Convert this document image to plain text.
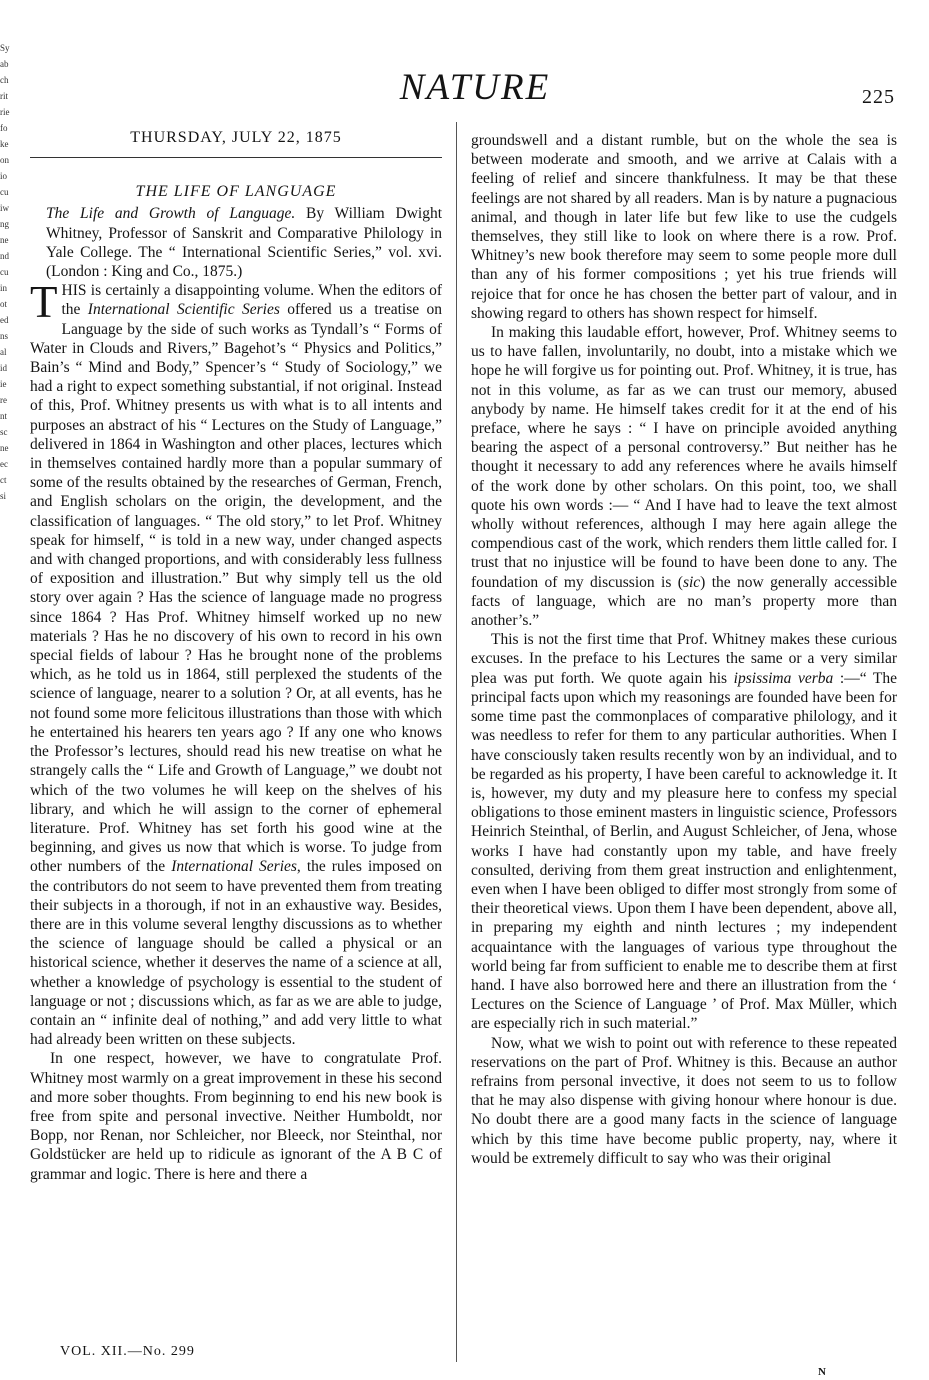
Sy
ab
ch
rit
rie
fo
ke
on
io
cu
iw
ng
ne
nd
cu
in
ot
ed
ns
al
id
ie
re
nt
sc
ne
ec
ct
si
NATURE	225
THURSDAY, JULY 22, 1875
THE LIFE OF LANGUAGE

The Life and Growth of Language. By William Dwight Whitney, Professor of Sanskrit and Comparative Philology in Yale College. The “ International Scientific Series,” vol. xvi. (London : King and Co., 1875.)

THIS is certainly a disappointing volume. When the editors of the International Scientific Series offered us a treatise on Language by the side of such works as Tyndall’s “ Forms of Water in Clouds and Rivers,” Bagehot’s “ Physics and Politics,” Bain’s “ Mind and Body,” Spencer’s “ Study of Sociology,” we had a right to expect something substantial, if not original. Instead of this, Prof. Whitney presents us with what is to all intents and purposes an abstract of his “ Lectures on the Study of Language,” delivered in 1864 in Washington and other places, lectures which in themselves contained hardly more than a popular summary of some of the results obtained by the researches of German, French, and English scholars on the origin, the development, and the classification of languages. “ The old story,” to let Prof. Whitney speak for himself, “ is told in a new way, under changed aspects and with changed proportions, and with considerably less fullness of exposition and illustration.” But why simply tell us the old story over again ? Has the science of language made no progress since 1864 ? Has Prof. Whitney himself worked up no new materials ? Has he no discovery of his own to record in his own special fields of labour ? Has he brought none of the problems which, as he told us in 1864, still perplexed the students of the science of language, nearer to a solution ? Or, at all events, has he not found some more felicitous illustrations than those with which he entertained his hearers ten years ago ? If any one who knows the Professor’s lectures, should read his new treatise on what he strangely calls the “ Life and Growth of Language,” we doubt not which of the two volumes he will keep on the shelves of his library, and which he will assign to the corner of ephemeral literature. Prof. Whitney has set forth his good wine at the beginning, and gives us now that which is worse. To judge from other numbers of the International Series, the rules imposed on the contributors do not seem to have prevented them from treating their subjects in a thorough, if not in an exhaustive way. Besides, there are in this volume several lengthy discussions as to whether the science of language should be called a physical or an historical science, whether it deserves the name of a science at all, whether a knowledge of psychology is essential to the student of language or not ; discussions which, as far as we are able to judge, contain an “ infinite deal of nothing,” and add very little to what had already been written on these subjects.

In one respect, however, we have to congratulate Prof. Whitney most warmly on a great improvement in these his second and more sober thoughts. From beginning to end his new book is free from spite and personal invective. Neither Humboldt, nor Bopp, nor Renan, nor Schleicher, nor Bleeck, nor Steinthal, nor Goldstücker are held up to ridicule as ignorant of the A B C of grammar and logic. There is here and there a

groundswell and a distant rumble, but on the whole the sea is between moderate and smooth, and we arrive at Calais with a feeling of relief and sincere thankfulness. It may be that these feelings are not shared by all readers. Man is by nature a pugnacious animal, and though in later life but few like to use the cudgels themselves, they still like to look on where there is a row. Prof. Whitney’s new book therefore may seem to some people more dull than any of his former compositions ; yet his true friends will rejoice that for once he has chosen the better part of valour, and in showing regard to others has shown respect for himself.

In making this laudable effort, however, Prof. Whitney seems to us to have fallen, involuntarily, no doubt, into a mistake which we hope he will forgive us for pointing out. Prof. Whitney, it is true, has not in this volume, as far as we can trust our memory, abused anybody by name. He himself takes credit for it at the end of his preface, where he says : “ I have on principle avoided anything bearing the aspect of a personal controversy.” But neither has he thought it necessary to add any references where he avails himself of the work done by other scholars. On this point, too, we shall quote his own words :— “ And I have had to leave the text almost wholly without references, although I may here again allege the compendious cast of the work, which renders them little called for. I trust that no injustice will be found to have been done to any. The foundation of my discussion is (sic) the now generally accessible facts of language, which are no man’s property more than another’s.”

This is not the first time that Prof. Whitney makes these curious excuses. In the preface to his Lectures the same or a very similar plea was put forth. We quote again his ipsissima verba :—“ The principal facts upon which my reasonings are founded have been for some time past the commonplaces of comparative philology, and it was needless to refer for them to any particular authorities. When I have consciously taken results recently won by an individual, and to be regarded as his property, I have been careful to acknowledge it. It is, however, my duty and my pleasure here to confess my special obligations to those eminent masters in linguistic science, Professors Heinrich Steinthal, of Berlin, and August Schleicher, of Jena, whose works I have had constantly upon my table, and have freely consulted, deriving from them great instruction and enlightenment, even when I have been obliged to differ most strongly from some of their theoretical views. Upon them I have been dependent, above all, in preparing my eighth and ninth lectures ; my independent acquaintance with the languages of various type throughout the world being far from sufficient to enable me to describe them at first hand. I have also borrowed here and there an illustration from the ‘ Lectures on the Science of Language ’ of Prof. Max Müller, which are especially rich in such material.”

Now, what we wish to point out with reference to these repeated reservations on the part of Prof. Whitney is this. Because an author refrains from personal invective, it does not seem to us to follow that he may also dispense with giving honour where honour is due. No doubt there are a good many facts in the science of language which by this time have become public property, nay, where it would be extremely difficult to say who was their original

VOL. XII.—No. 299
N
